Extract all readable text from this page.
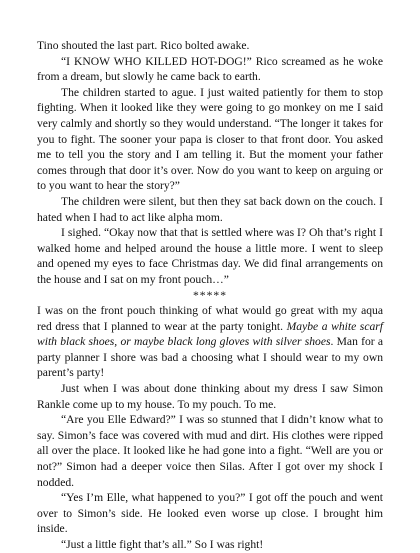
Tino shouted the last part. Rico bolted awake.

“I KNOW WHO KILLED HOT-DOG!” Rico screamed as he woke from a dream, but slowly he came back to earth.

The children started to ague. I just waited patiently for them to stop fighting. When it looked like they were going to go monkey on me I said very calmly and shortly so they would understand. “The longer it takes for you to fight. The sooner your papa is closer to that front door. You asked me to tell you the story and I am telling it. But the moment your father comes through that door it’s over. Now do you want to keep on arguing or to you want to hear the story?”

The children were silent, but then they sat back down on the couch. I hated when I had to act like alpha mom.

I sighed. “Okay now that that is settled where was I? Oh that’s right I walked home and helped around the house a little more. I went to sleep and opened my eyes to face Christmas day. We did final arrangements on the house and I sat on my front pouch…”

*****

I was on the front pouch thinking of what would go great with my aqua red dress that I planned to wear at the party tonight. Maybe a white scarf with black shoes, or maybe black long gloves with silver shoes. Man for a party planner I shore was bad a choosing what I should wear to my own parent’s party!

Just when I was about done thinking about my dress I saw Simon Rankle come up to my house. To my pouch. To me.

“Are you Elle Edward?” I was so stunned that I didn’t know what to say. Simon’s face was covered with mud and dirt. His clothes were ripped all over the place. It looked like he had gone into a fight. “Well are you or not?” Simon had a deeper voice then Silas. After I got over my shock I nodded.

“Yes I’m Elle, what happened to you?” I got off the pouch and went over to Simon’s side. He looked even worse up close. I brought him inside.

“Just a little fight that’s all.” So I was right!
